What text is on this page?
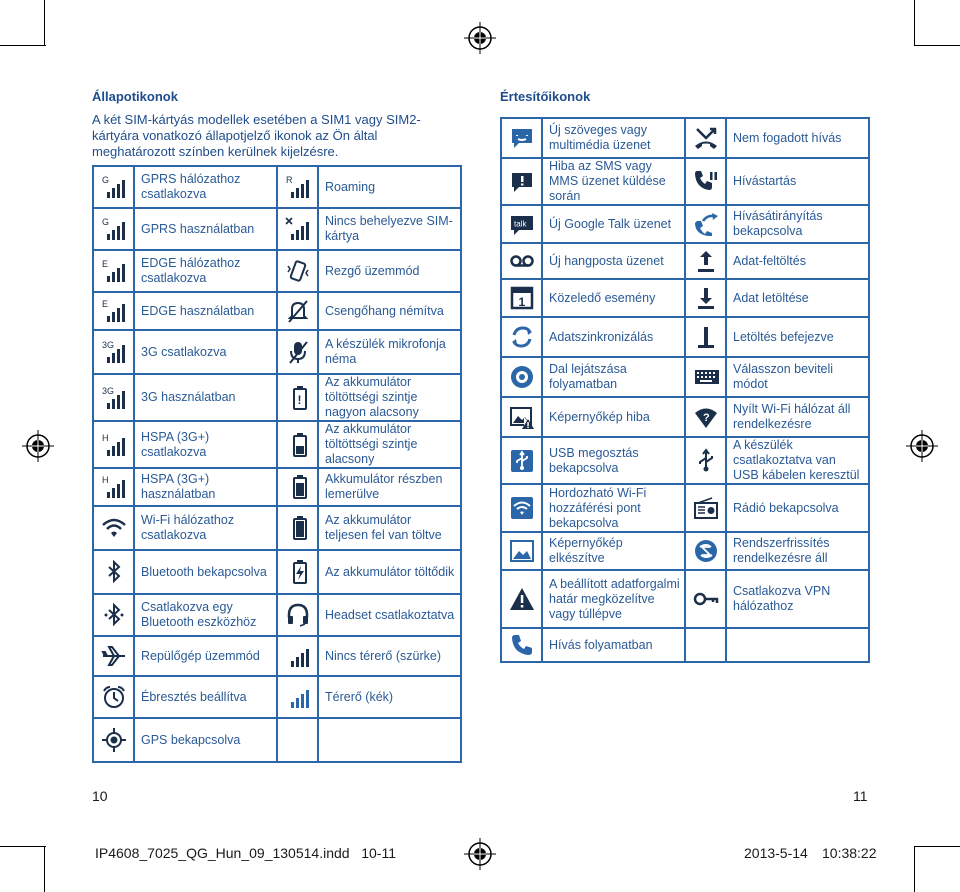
Állapotikonok
A két SIM-kártyás modellek esetében a SIM1 vagy SIM2-kártyára vonatkozó állapotjelző ikonok az Ön által meghatározott színben kerülnek kijelzésre.
G	GPRS hálózathoz csatlakozva	R	Roaming

G	GPRS használatban		Nincs behelyezve SIM-kártya

E	EDGE hálózathoz csatlakozva		Rezgő üzemmód

E	EDGE használatban		Csengőhang némítva

3G	3G csatlakozva		A készülék mikrofonja néma

3G	3G használatban	!	Az akkumulátor töltöttségi szintje nagyon alacsony

H	HSPA (3G+) csatlakozva		Az akkumulátor töltöttségi szintje alacsony

H	HSPA (3G+) használatban		Akkumulátor részben lemerülve

	Wi-Fi hálózathoz csatlakozva		Az akkumulátor teljesen fel van töltve

	Bluetooth bekapcsolva		Az akkumulátor töltődik

	Csatlakozva egy Bluetooth eszközhöz		Headset csatlakoztatva

	Repülőgép üzemmód		Nincs térerő (szürke)

	Ébresztés beállítva		Térerő (kék)

	GPS bekapcsolva		
10
Értesítőikonok
	Új szöveges vagy multimédia üzenet		Nem fogadott hívás

	Hiba az SMS vagy MMS üzenet küldése során		Hívástartás

talk	Új Google Talk üzenet		Hívásátirányítás bekapcsolva

	Új hangposta üzenet		Adat-feltöltés

1	Közeledő esemény		Adat letöltése

	Adatszinkronizálás		Letöltés befejezve

	Dal lejátszása folyamatban		Válasszon beviteli módot

	Képernyőkép hiba	?	Nyílt Wi-Fi hálózat áll rendelkezésre

	USB megosztás bekapcsolva		A készülék csatlakoztatva van USB kábelen keresztül

	Hordozható Wi-Fi hozzáférési pont bekapcsolva		Rádió bekapcsolva

	Képernyőkép elkészítve		Rendszerfrissítés rendelkezésre áll

	A beállított adatforgalmi határ megközelítve vagy túllépve		Csatlakozva VPN hálózathoz

	Hívás folyamatban		
11
IP4608_7025_QG_Hun_09_130514.indd   10-11	2013-5-14 10:38:22
